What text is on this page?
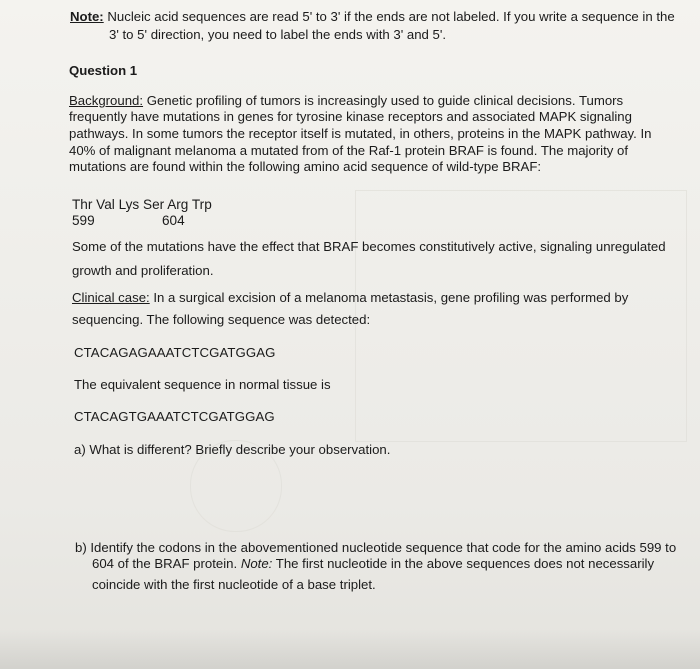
Note: Nucleic acid sequences are read 5' to 3' if the ends are not labeled. If you write a sequence in the

3' to 5' direction, you need to label the ends with 3' and 5'.

Question 1

Background: Genetic profiling of tumors is increasingly used to guide clinical decisions. Tumors

frequently have mutations in genes for tyrosine kinase receptors and associated MAPK signaling

pathways. In some tumors the receptor itself is mutated, in others, proteins in the MAPK pathway. In

40% of malignant melanoma a mutated from of the Raf-1 protein BRAF is found. The majority of

mutations are found within the following amino acid sequence of wild-type BRAF:

Thr Val Lys Ser Arg Trp

599	604

Some of the mutations have the effect that BRAF becomes constitutively active, signaling unregulated

growth and proliferation.

Clinical case: In a surgical excision of a melanoma metastasis, gene profiling was performed by

sequencing. The following sequence was detected:

CTACAGAGAAATCTCGATGGAG

The equivalent sequence in normal tissue is

CTACAGTGAAATCTCGATGGAG

a) What is different? Briefly describe your observation.

b) Identify the codons in the abovementioned nucleotide sequence that code for the amino acids 599 to

604 of the BRAF protein. Note: The first nucleotide in the above sequences does not necessarily

coincide with the first nucleotide of a base triplet.
